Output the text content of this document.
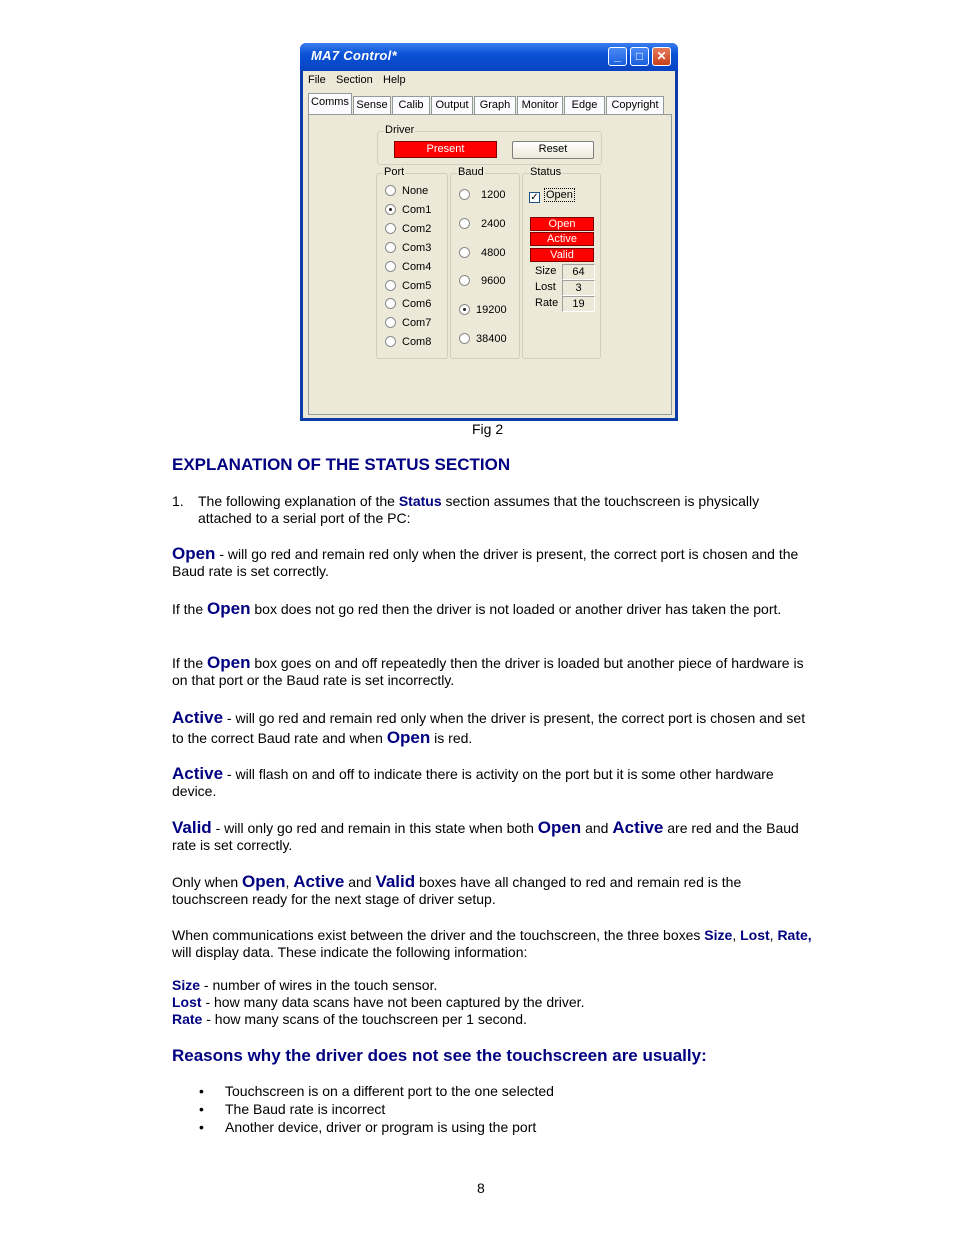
MA7 Control*	_	□	✕
File Section Help
Comms Sense Calib	Output	Graph	Monitor	Edge	Copyright
Driver
Present	Reset
Port
None
Com1
Com2
Com3
Com4
Com5
Com6
Com7
Com8
Baud
1200
2400
4800
9600
19200
38400
Status
✓ Open
Open
Active
Valid
Size	64
Lost	3
Rate	19
Fig 2
EXPLANATION OF THE STATUS SECTION
1. The following explanation of the Status section assumes that the touchscreen is physically attached to a serial port of the PC:
Open - will go red and remain red only when the driver is present, the correct port is chosen and the Baud rate is set correctly.
If the Open box does not go red then the driver is not loaded or another driver has taken the port.
If the Open box goes on and off repeatedly then the driver is loaded but another piece of hardware is on that port or the Baud rate is set incorrectly.
Active - will go red and remain red only when the driver is present, the correct port is chosen and set to the correct Baud rate and when Open is red.
Active - will flash on and off to indicate there is activity on the port but it is some other hardware device.
Valid - will only go red and remain in this state when both Open and Active are red and the Baud rate is set correctly.
Only when Open, Active and Valid boxes have all changed to red and remain red is the touchscreen ready for the next stage of driver setup.
When communications exist between the driver and the touchscreen, the three boxes Size, Lost, Rate, will display data. These indicate the following information:
Size - number of wires in the touch sensor.
Lost - how many data scans have not been captured by the driver.
Rate - how many scans of the touchscreen per 1 second.
Reasons why the driver does not see the touchscreen are usually:
• Touchscreen is on a different port to the one selected
• The Baud rate is incorrect
• Another device, driver or program is using the port
8
